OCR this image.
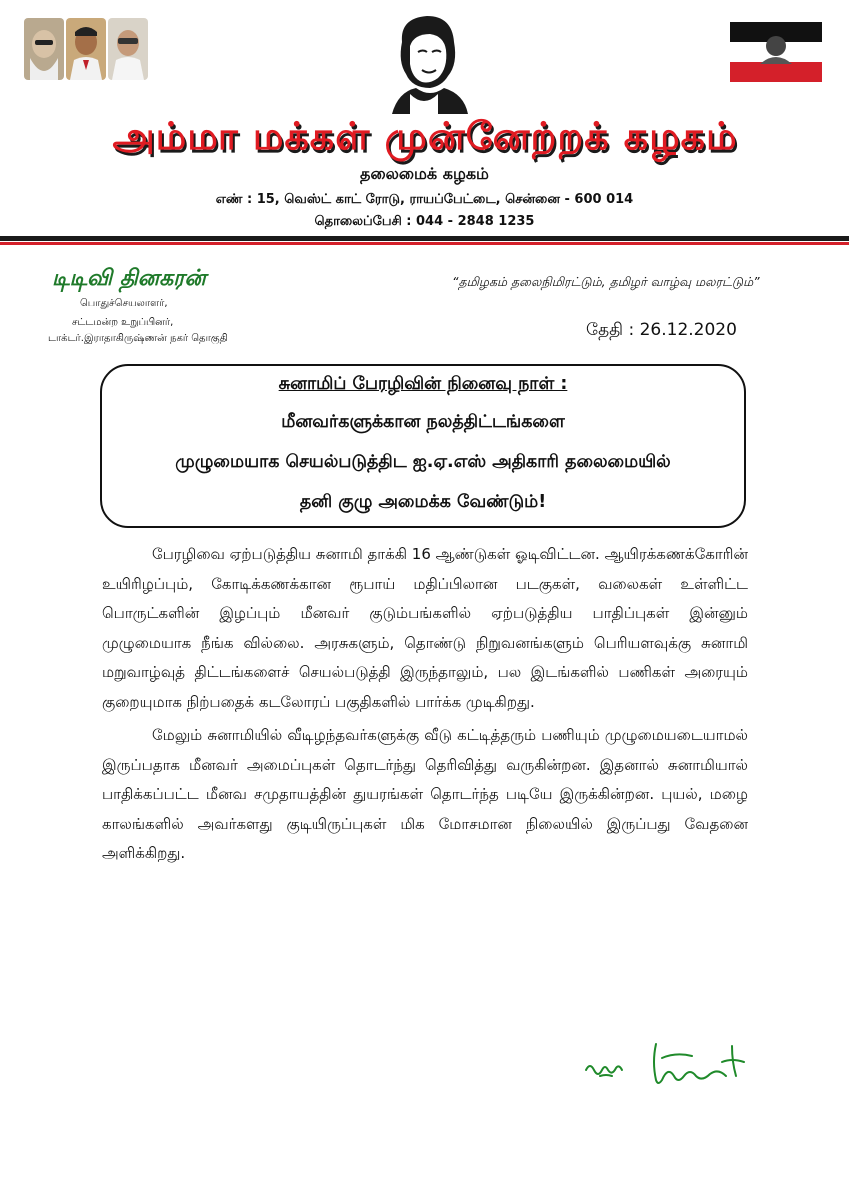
அம்மா மக்கள் முன்னேற்றக் கழகம்
தலைமைக் கழகம்
எண் : 15, வெஸ்ட் காட் ரோடு, ராயப்பேட்டை, சென்னை - 600 014
தொலைப்பேசி : 044 - 2848 1235
டிடிவி தினகரன்
பொதுச்செயலாளர்,
சட்டமன்ற உறுப்பினர்,
டாக்டர்.இராதாகிருஷ்ணன் நகர் தொகுதி
“தமிழகம் தலைநிமிரட்டும், தமிழர் வாழ்வு மலரட்டும்”
தேதி : 26.12.2020
சுனாமிப் பேரழிவின் நினைவு நாள் :
மீனவர்களுக்கான நலத்திட்டங்களை
முழுமையாக செயல்படுத்திட ஐ.ஏ.எஸ் அதிகாரி தலைமையில்
தனி குழு அமைக்க வேண்டும்!

பேரழிவை ஏற்படுத்திய சுனாமி தாக்கி 16 ஆண்டுகள் ஓடிவிட்டன. ஆயிரக்கணக்கோரின் உயிரிழப்பும், கோடிக்கணக்கான ரூபாய் மதிப்பிலான படகுகள், வலைகள் உள்ளிட்ட பொருட்களின் இழப்பும் மீனவர் குடும்பங்களில் ஏற்படுத்திய பாதிப்புகள் இன்னும் முழுமையாக நீங்க வில்லை. அரசுகளும், தொண்டு நிறுவனங்களும் பெரியளவுக்கு சுனாமி மறுவாழ்வுத் திட்டங்களைச் செயல்படுத்தி இருந்தாலும், பல இடங்களில் பணிகள் அரையும் குறையுமாக நிற்பதைக் கடலோரப் பகுதிகளில் பார்க்க முடிகிறது.

மேலும் சுனாமியில் வீடிழந்தவர்களுக்கு வீடு கட்டித்தரும் பணியும் முழுமையடையாமல் இருப்பதாக மீனவர் அமைப்புகள் தொடர்ந்து தெரிவித்து வருகின்றன. இதனால் சுனாமியால் பாதிக்கப்பட்ட மீனவ சமுதாயத்தின் துயரங்கள் தொடர்ந்த படியே இருக்கின்றன. புயல், மழை காலங்களில் அவர்களது குடியிருப்புகள் மிக மோசமான நிலையில் இருப்பது வேதனை அளிக்கிறது.
